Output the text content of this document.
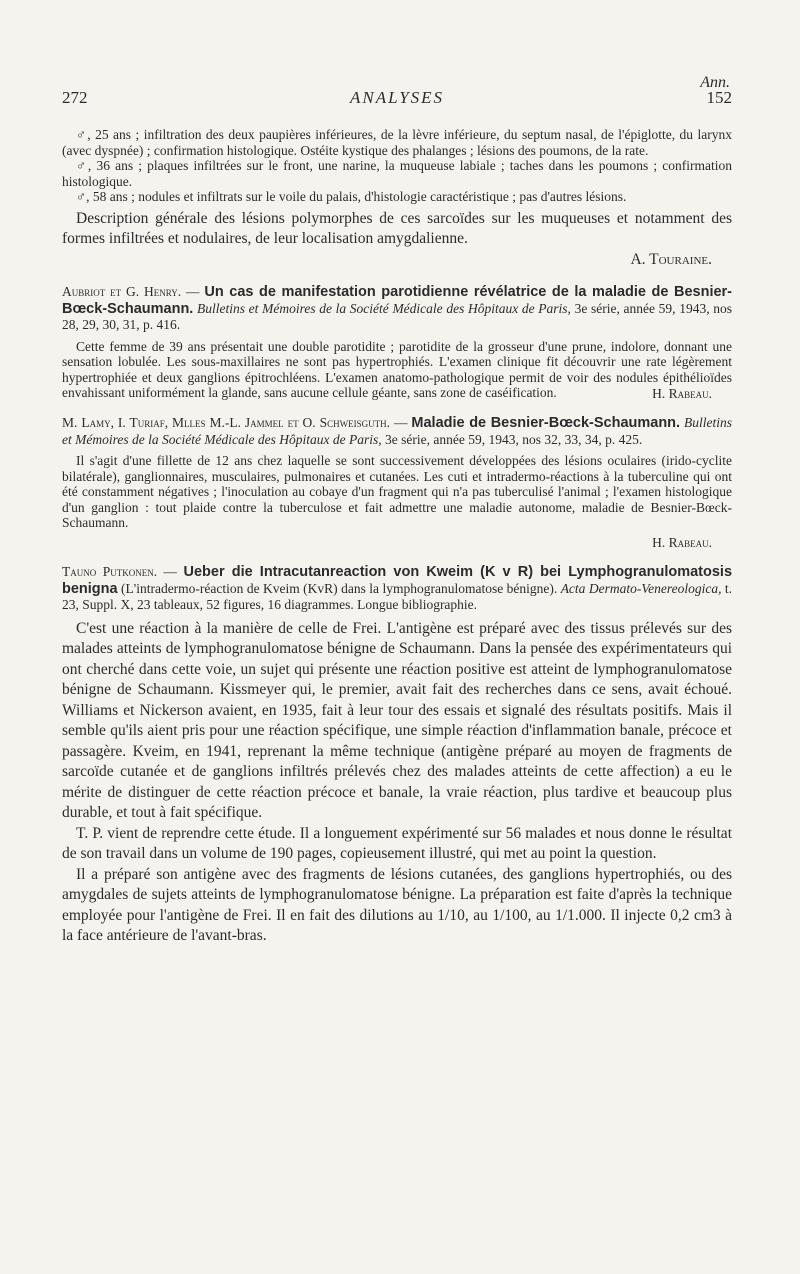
Ann.
272	ANALYSES	152

♂, 25 ans ; infiltration des deux paupières inférieures, de la lèvre inférieure, du septum nasal, de l'épiglotte, du larynx (avec dyspnée) ; confirmation histologique. Ostéite kystique des phalanges ; lésions des poumons, de la rate.

♂, 36 ans ; plaques infiltrées sur le front, une narine, la muqueuse labiale ; taches dans les poumons ; confirmation histologique.

♂, 58 ans ; nodules et infiltrats sur le voile du palais, d'histologie caractéristique ; pas d'autres lésions.

Description générale des lésions polymorphes de ces sarcoïdes sur les muqueuses et notamment des formes infiltrées et nodulaires, de leur localisation amygdalienne.

A. Touraine.

Aubriot et G. Henry. — Un cas de manifestation parotidienne révélatrice de la maladie de Besnier-Bœck-Schaumann. Bulletins et Mémoires de la Société Médicale des Hôpitaux de Paris, 3e série, année 59, 1943, nos 28, 29, 30, 31, p. 416.

Cette femme de 39 ans présentait une double parotidite ; parotidite de la grosseur d'une prune, indolore, donnant une sensation lobulée. Les sous-maxillaires ne sont pas hypertrophiés. L'examen clinique fit découvrir une rate légèrement hypertrophiée et deux ganglions épitrochléens. L'examen anatomo-pathologique permit de voir des nodules épithélioïdes envahissant uniformément la glande, sans aucune cellule géante, sans zone de caséification.	H. Rabeau.

M. Lamy, I. Turiaf, Mlles M.-L. Jammel et O. Schweisguth. — Maladie de Besnier-Bœck-Schaumann. Bulletins et Mémoires de la Société Médicale des Hôpitaux de Paris, 3e série, année 59, 1943, nos 32, 33, 34, p. 425.

Il s'agit d'une fillette de 12 ans chez laquelle se sont successivement développées des lésions oculaires (irido-cyclite bilatérale), ganglionnaires, musculaires, pulmonaires et cutanées. Les cuti et intradermo-réactions à la tuberculine qui ont été constamment négatives ; l'inoculation au cobaye d'un fragment qui n'a pas tuberculisé l'animal ; l'examen histologique d'un ganglion : tout plaide contre la tuberculose et fait admettre une maladie autonome, maladie de Besnier-Bœck-Schaumann.

H. Rabeau.

Tauno Putkonen. — Ueber die Intracutanreaction von Kweim (K v R) bei Lymphogranulomatosis benigna (L'intradermo-réaction de Kveim (KvR) dans la lymphogranulomatose bénigne). Acta Dermato-Venereologica, t. 23, Suppl. X, 23 tableaux, 52 figures, 16 diagrammes. Longue bibliographie.

C'est une réaction à la manière de celle de Frei. L'antigène est préparé avec des tissus prélevés sur des malades atteints de lymphogranulomatose bénigne de Schaumann. Dans la pensée des expérimentateurs qui ont cherché dans cette voie, un sujet qui présente une réaction positive est atteint de lymphogranulomatose bénigne de Schaumann. Kissmeyer qui, le premier, avait fait des recherches dans ce sens, avait échoué. Williams et Nickerson avaient, en 1935, fait à leur tour des essais et signalé des résultats positifs. Mais il semble qu'ils aient pris pour une réaction spécifique, une simple réaction d'inflammation banale, précoce et passagère. Kveim, en 1941, reprenant la même technique (antigène préparé au moyen de fragments de sarcoïde cutanée et de ganglions infiltrés prélevés chez des malades atteints de cette affection) a eu le mérite de distinguer de cette réaction précoce et banale, la vraie réaction, plus tardive et beaucoup plus durable, et tout à fait spécifique.

T. P. vient de reprendre cette étude. Il a longuement expérimenté sur 56 malades et nous donne le résultat de son travail dans un volume de 190 pages, copieusement illustré, qui met au point la question.

Il a préparé son antigène avec des fragments de lésions cutanées, des ganglions hypertrophiés, ou des amygdales de sujets atteints de lymphogranulomatose bénigne. La préparation est faite d'après la technique employée pour l'antigène de Frei. Il en fait des dilutions au 1/10, au 1/100, au 1/1.000. Il injecte 0,2 cm3 à la face antérieure de l'avant-bras.
